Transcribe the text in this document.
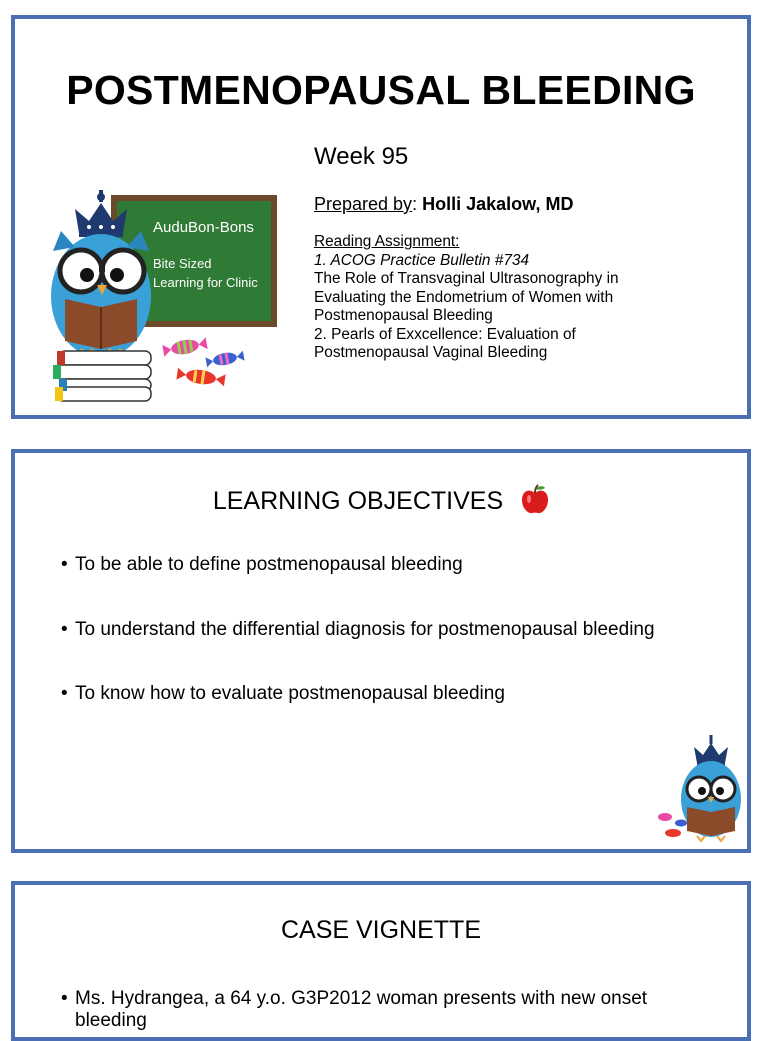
POSTMENOPAUSAL BLEEDING
AuduBon-Bons
Bite Sized
Learning for Clinic
Week 95
Prepared by: Holli Jakalow, MD
Reading Assignment:
1. ACOG Practice Bulletin #734
The Role of Transvaginal Ultrasonography in
Evaluating the Endometrium of Women with
Postmenopausal Bleeding
2. Pearls of Exxcellence: Evaluation of
Postmenopausal Vaginal Bleeding
LEARNING OBJECTIVES
• To be able to define postmenopausal bleeding
• To understand the differential diagnosis for postmenopausal bleeding
• To know how to evaluate postmenopausal bleeding
CASE VIGNETTE
• Ms. Hydrangea, a 64 y.o. G3P2012 woman presents with new onset bleeding
